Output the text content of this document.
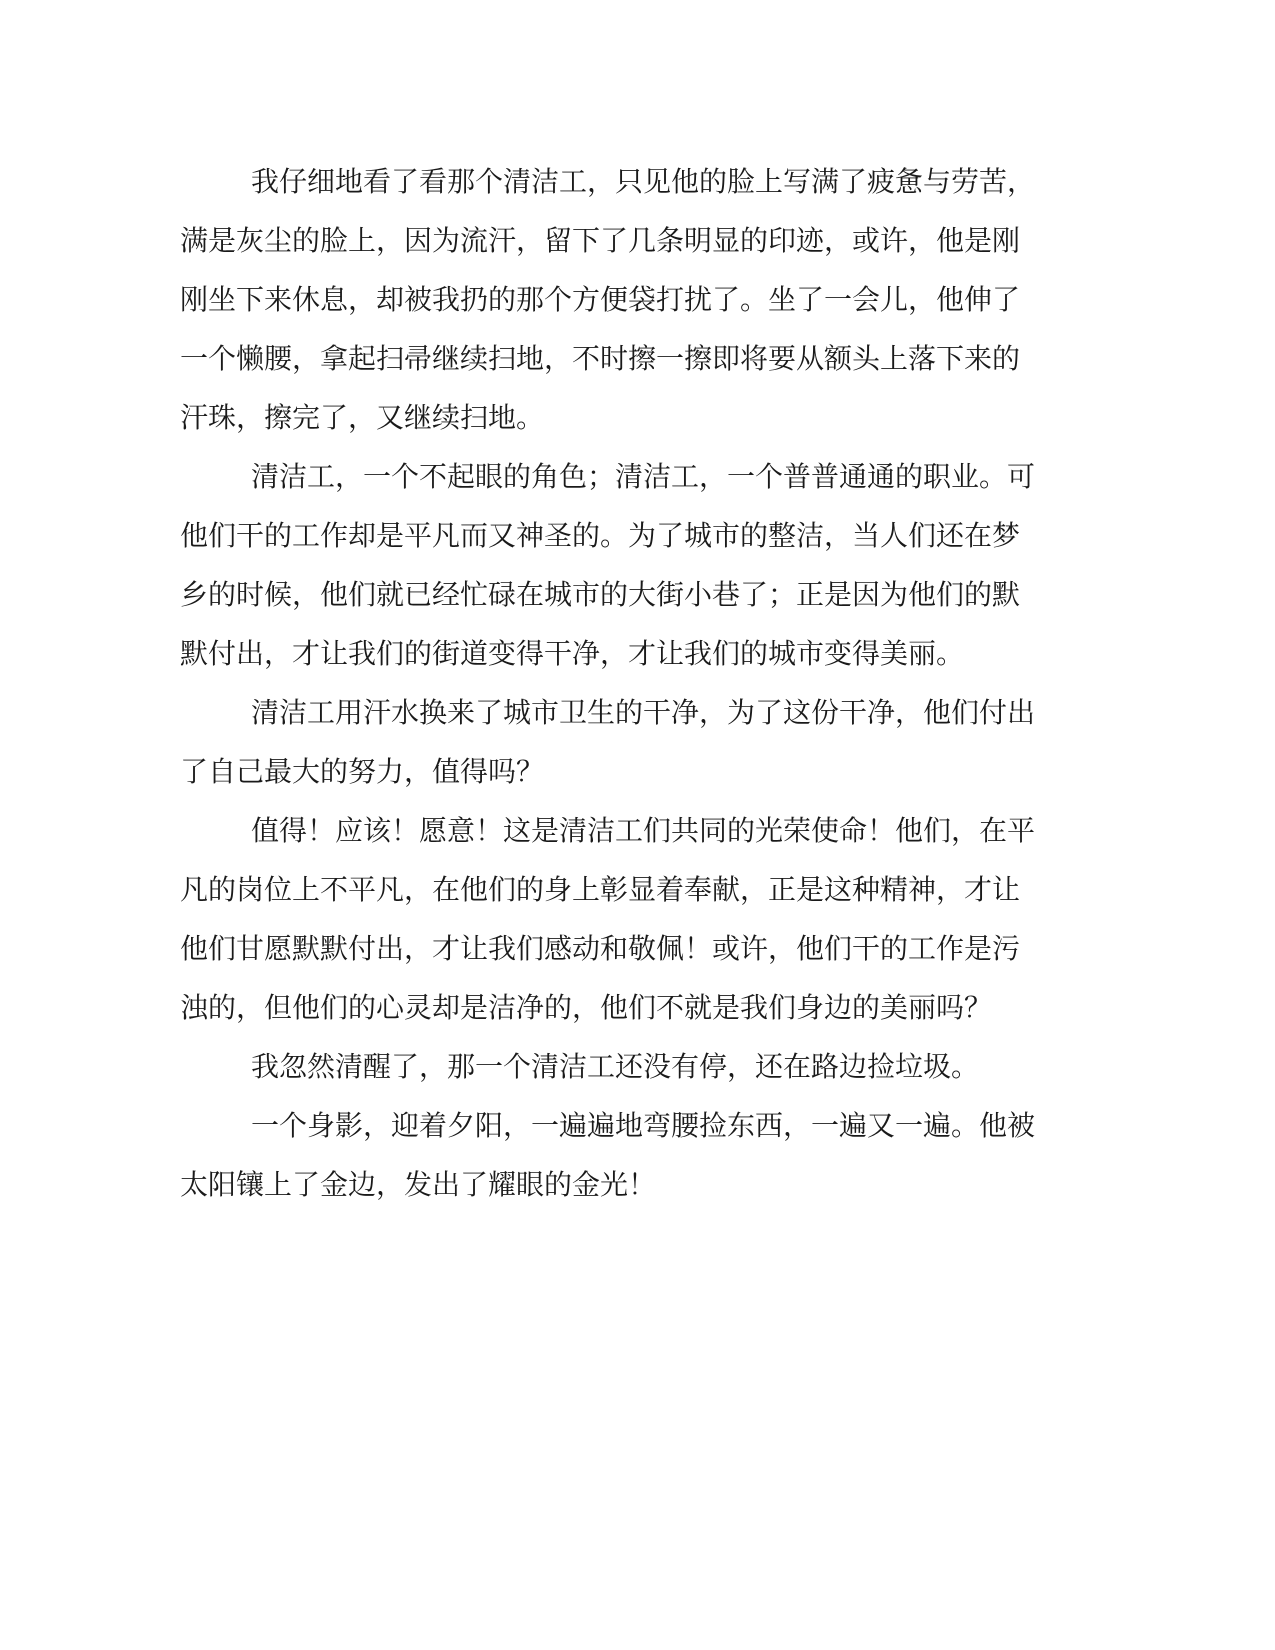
我仔细地看了看那个清洁工，只见他的脸上写满了疲惫与劳苦，
满是灰尘的脸上，因为流汗，留下了几条明显的印迹，或许，他是刚
刚坐下来休息，却被我扔的那个方便袋打扰了。坐了一会儿，他伸了
一个懒腰，拿起扫帚继续扫地，不时擦一擦即将要从额头上落下来的
汗珠，擦完了，又继续扫地。
清洁工，一个不起眼的角色；清洁工，一个普普通通的职业。可
他们干的工作却是平凡而又神圣的。为了城市的整洁，当人们还在梦
乡的时候，他们就已经忙碌在城市的大街小巷了；正是因为他们的默
默付出，才让我们的街道变得干净，才让我们的城市变得美丽。
清洁工用汗水换来了城市卫生的干净，为了这份干净，他们付出
了自己最大的努力，值得吗？
值得！应该！愿意！这是清洁工们共同的光荣使命！他们，在平
凡的岗位上不平凡，在他们的身上彰显着奉献，正是这种精神，才让
他们甘愿默默付出，才让我们感动和敬佩！或许，他们干的工作是污
浊的，但他们的心灵却是洁净的，他们不就是我们身边的美丽吗？
我忽然清醒了，那一个清洁工还没有停，还在路边捡垃圾。
一个身影，迎着夕阳，一遍遍地弯腰捡东西，一遍又一遍。他被
太阳镶上了金边，发出了耀眼的金光！
